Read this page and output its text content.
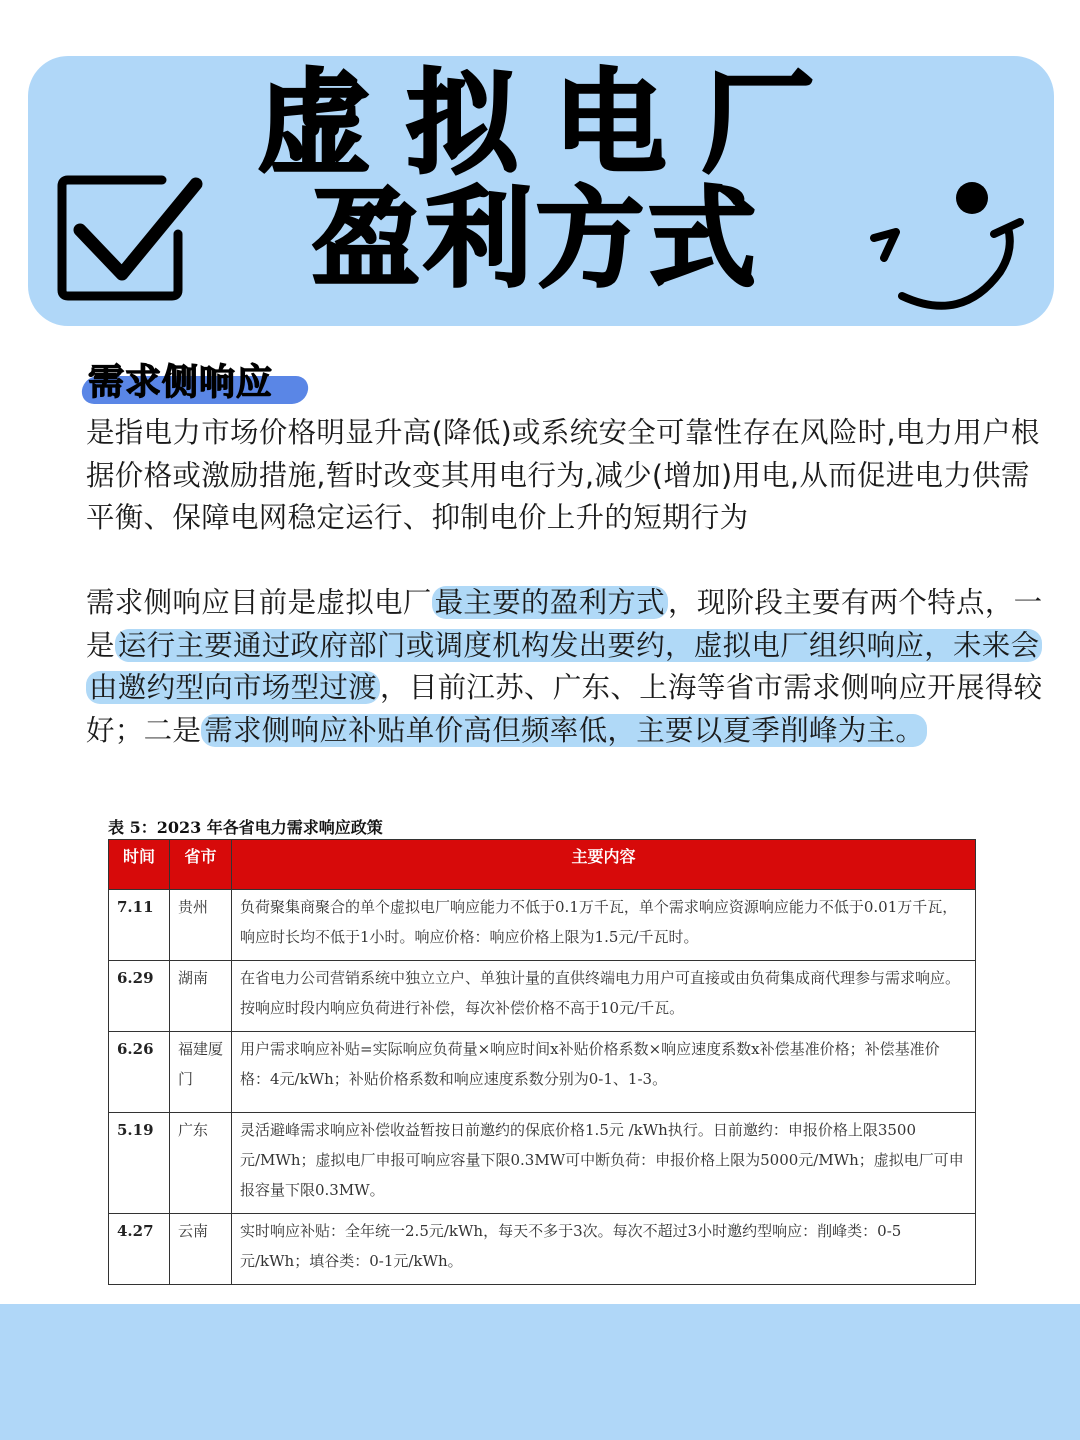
虚拟电厂
盈利方式
需求侧响应
是指电力市场价格明显升高(降低)或系统安全可靠性存在风险时,电力用户根据价格或激励措施,暂时改变其用电行为,减少(增加)用电,从而促进电力供需平衡、保障电网稳定运行、抑制电价上升的短期行为
需求侧响应目前是虚拟电厂 最主要的盈利方式 ，现阶段主要有两个特点，一是 运行主要通过政府部门或调度机构发出要约，虚拟电厂组织响应，未来会由邀约型向市场型过渡 ，目前江苏、广东、上海等省市需求侧响应开展得较好；二是 需求侧响应补贴单价高但频率低，主要以夏季削峰为主。
表 5：2023 年各省电力需求响应政策
时间	省市	主要内容
7.11	贵州	负荷聚集商聚合的单个虚拟电厂响应能力不低于0.1万千瓦，单个需求响应资源响应能力不低于0.01万千瓦，响应时长均不低于1小时。响应价格：响应价格上限为1.5元/千瓦时。
6.29	湖南	在省电力公司营销系统中独立立户、单独计量的直供终端电力用户可直接或由负荷集成商代理参与需求响应。按响应时段内响应负荷进行补偿，每次补偿价格不高于10元/千瓦。
6.26	福建厦门	用户需求响应补贴=实际响应负荷量×响应时间x补贴价格系数×响应速度系数x补偿基准价格；补偿基准价格：4元/kWh；补贴价格系数和响应速度系数分别为0-1、1-3。
5.19	广东	灵活避峰需求响应补偿收益暂按日前邀约的保底价格1.5元 /kWh执行。日前邀约：申报价格上限3500元/MWh；虚拟电厂申报可响应容量下限0.3MW可中断负荷：申报价格上限为5000元/MWh；虚拟电厂可申报容量下限0.3MW。
4.27	云南	实时响应补贴：全年统一2.5元/kWh，每天不多于3次。每次不超过3小时邀约型响应：削峰类：0-5元/kWh；填谷类：0-1元/kWh。
